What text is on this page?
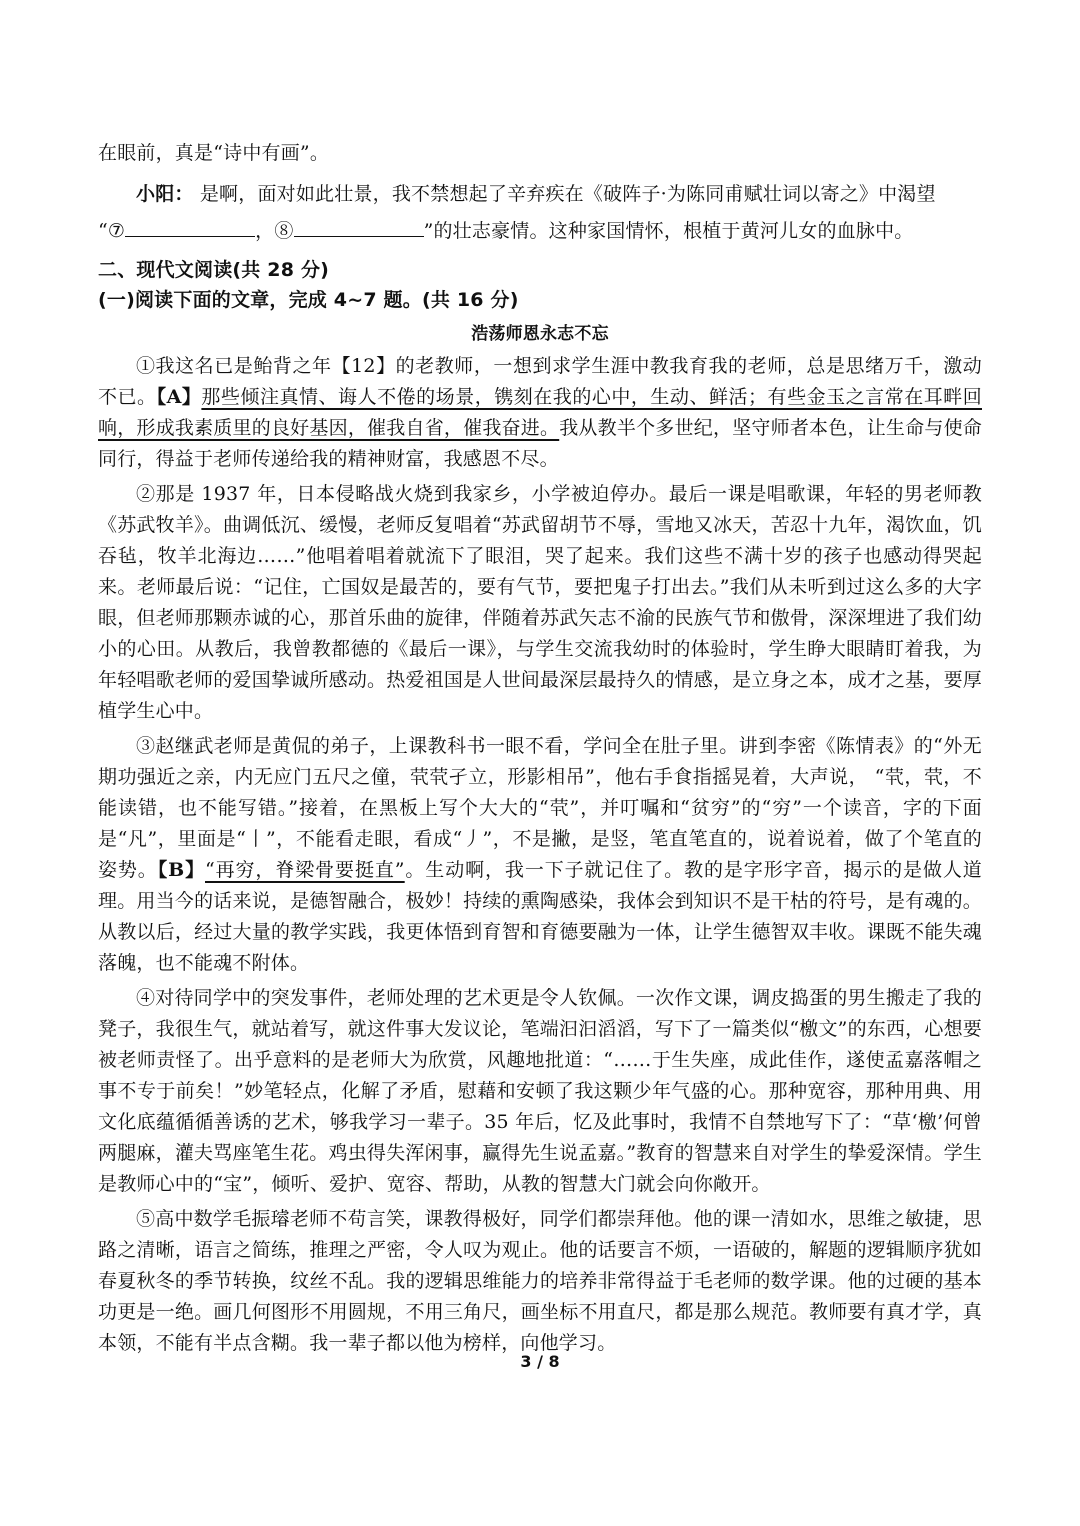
在眼前，真是“诗中有画”。

小阳： 是啊，面对如此壮景，我不禁想起了辛弃疾在《破阵子·为陈同甫赋壮词以寄之》中渴望

“⑦	，⑧	”的壮志豪情。这种家国情怀，根植于黄河儿女的血脉中。

二、现代文阅读(共 28 分)

(一)阅读下面的文章，完成 4~7 题。(共 16 分)

浩荡师恩永志不忘

①我这名已是鲐背之年【12】的老教师，一想到求学生涯中教我育我的老师，总是思绪万千，激动不已。【A】那些倾注真情、诲人不倦的场景，镌刻在我的心中，生动、鲜活；有些金玉之言常在耳畔回响，形成我素质里的良好基因，催我自省，催我奋进。我从教半个多世纪，坚守师者本色，让生命与使命同行，得益于老师传递给我的精神财富，我感恩不尽。

②那是 1937 年，日本侵略战火烧到我家乡，小学被迫停办。最后一课是唱歌课，年轻的男老师教《苏武牧羊》。曲调低沉、缓慢，老师反复唱着“苏武留胡节不辱，雪地又冰天，苦忍十九年，渴饮血，饥吞毡，牧羊北海边……”他唱着唱着就流下了眼泪，哭了起来。我们这些不满十岁的孩子也感动得哭起来。老师最后说：“记住，亡国奴是最苦的，要有气节，要把鬼子打出去。”我们从未听到过这么多的大字眼，但老师那颗赤诚的心，那首乐曲的旋律，伴随着苏武矢志不渝的民族气节和傲骨，深深埋进了我们幼小的心田。从教后，我曾教都德的《最后一课》，与学生交流我幼时的体验时，学生睁大眼睛盯着我，为年轻唱歌老师的爱国挚诚所感动。热爱祖国是人世间最深层最持久的情感，是立身之本，成才之基，要厚植学生心中。

③赵继武老师是黄侃的弟子，上课教科书一眼不看，学问全在肚子里。讲到李密《陈情表》的“外无期功强近之亲，内无应门五尺之僮，茕茕孑立，形影相吊”，他右手食指摇晃着，大声说， “茕，茕，不能读错，也不能写错。”接着，在黑板上写个大大的“茕”，并叮嘱和“贫穷”的“穷”一个读音，字的下面是“凡”，里面是“丨”，不能看走眼，看成“丿”，不是撇，是竖，笔直笔直的，说着说着，做了个笔直的姿势。【B】“再穷，脊梁骨要挺直”。生动啊，我一下子就记住了。教的是字形字音，揭示的是做人道理。用当今的话来说，是德智融合，极妙！持续的熏陶感染，我体会到知识不是干枯的符号，是有魂的。从教以后，经过大量的教学实践，我更体悟到育智和育德要融为一体，让学生德智双丰收。课既不能失魂落魄，也不能魂不附体。

④对待同学中的突发事件，老师处理的艺术更是令人钦佩。一次作文课，调皮捣蛋的男生搬走了我的凳子，我很生气，就站着写，就这件事大发议论，笔端汩汩滔滔，写下了一篇类似“檄文”的东西，心想要被老师责怪了。出乎意料的是老师大为欣赏，风趣地批道：“……于生失座，成此佳作，遂使孟嘉落帽之事不专于前矣！”妙笔轻点，化解了矛盾，慰藉和安顿了我这颗少年气盛的心。那种宽容，那种用典、用文化底蕴循循善诱的艺术，够我学习一辈子。35 年后，忆及此事时，我情不自禁地写下了：“草‘檄’何曾两腿麻，灌夫骂座笔生花。鸡虫得失浑闲事，赢得先生说孟嘉。”教育的智慧来自对学生的挚爱深情。学生是教师心中的“宝”，倾听、爱护、宽容、帮助，从教的智慧大门就会向你敞开。

⑤高中数学毛振璿老师不苟言笑，课教得极好，同学们都崇拜他。他的课一清如水，思维之敏捷，思路之清晰，语言之简练，推理之严密，令人叹为观止。他的话要言不烦，一语破的，解题的逻辑顺序犹如春夏秋冬的季节转换，纹丝不乱。我的逻辑思维能力的培养非常得益于毛老师的数学课。他的过硬的基本功更是一绝。画几何图形不用圆规，不用三角尺，画坐标不用直尺，都是那么规范。教师要有真才学，真本领，不能有半点含糊。我一辈子都以他为榜样，向他学习。

3 / 8
